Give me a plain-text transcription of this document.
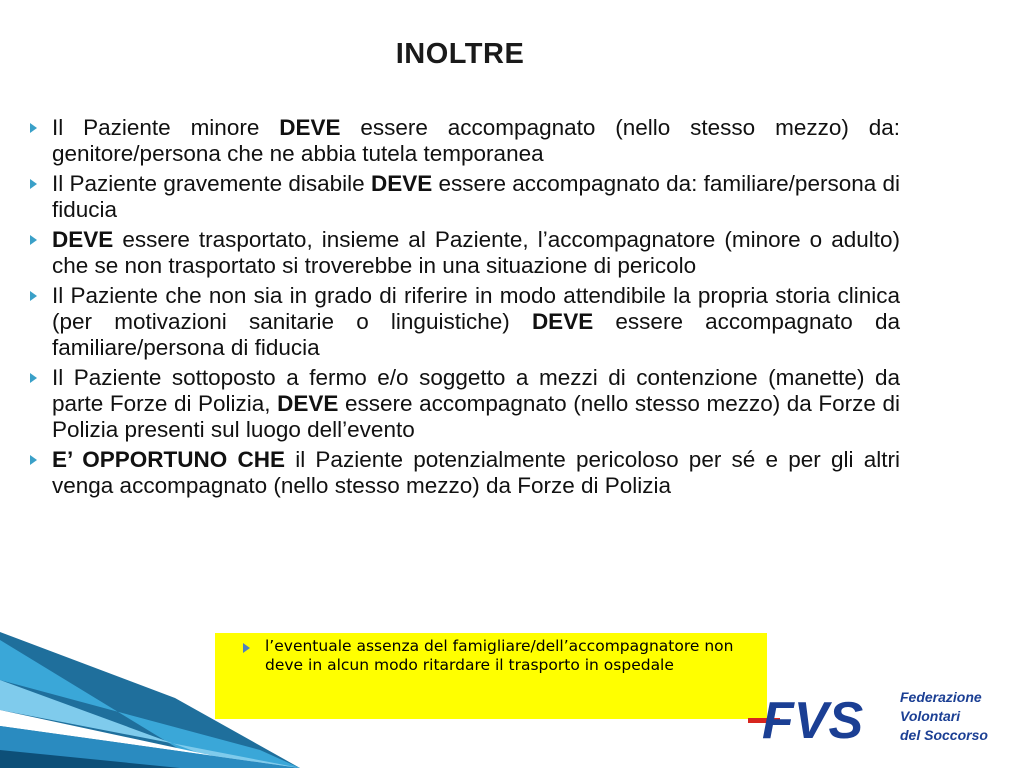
INOLTRE
Il Paziente minore DEVE essere accompagnato (nello stesso mezzo) da: genitore/persona che ne abbia tutela temporanea
Il Paziente gravemente disabile DEVE essere accompagnato da: familiare/persona di fiducia
DEVE essere trasportato, insieme al Paziente, l’accompagnatore (minore o adulto) che se non trasportato si troverebbe in una situazione di pericolo
Il Paziente che non sia in grado di riferire in modo attendibile la propria storia clinica (per motivazioni sanitarie o linguistiche) DEVE essere accompagnato da familiare/persona di fiducia
Il Paziente sottoposto a fermo e/o soggetto a mezzi di contenzione (manette) da parte Forze di Polizia, DEVE essere accompagnato (nello stesso mezzo) da Forze di Polizia presenti sul luogo dell’evento
E’ OPPORTUNO CHE il Paziente potenzialmente pericoloso per sé e per gli altri venga accompagnato (nello stesso mezzo) da Forze di Polizia
l’eventuale assenza del famigliare/dell’accompagnatore non deve in alcun modo ritardare il trasporto in ospedale
FVS	Federazione
Volontari
del Soccorso
